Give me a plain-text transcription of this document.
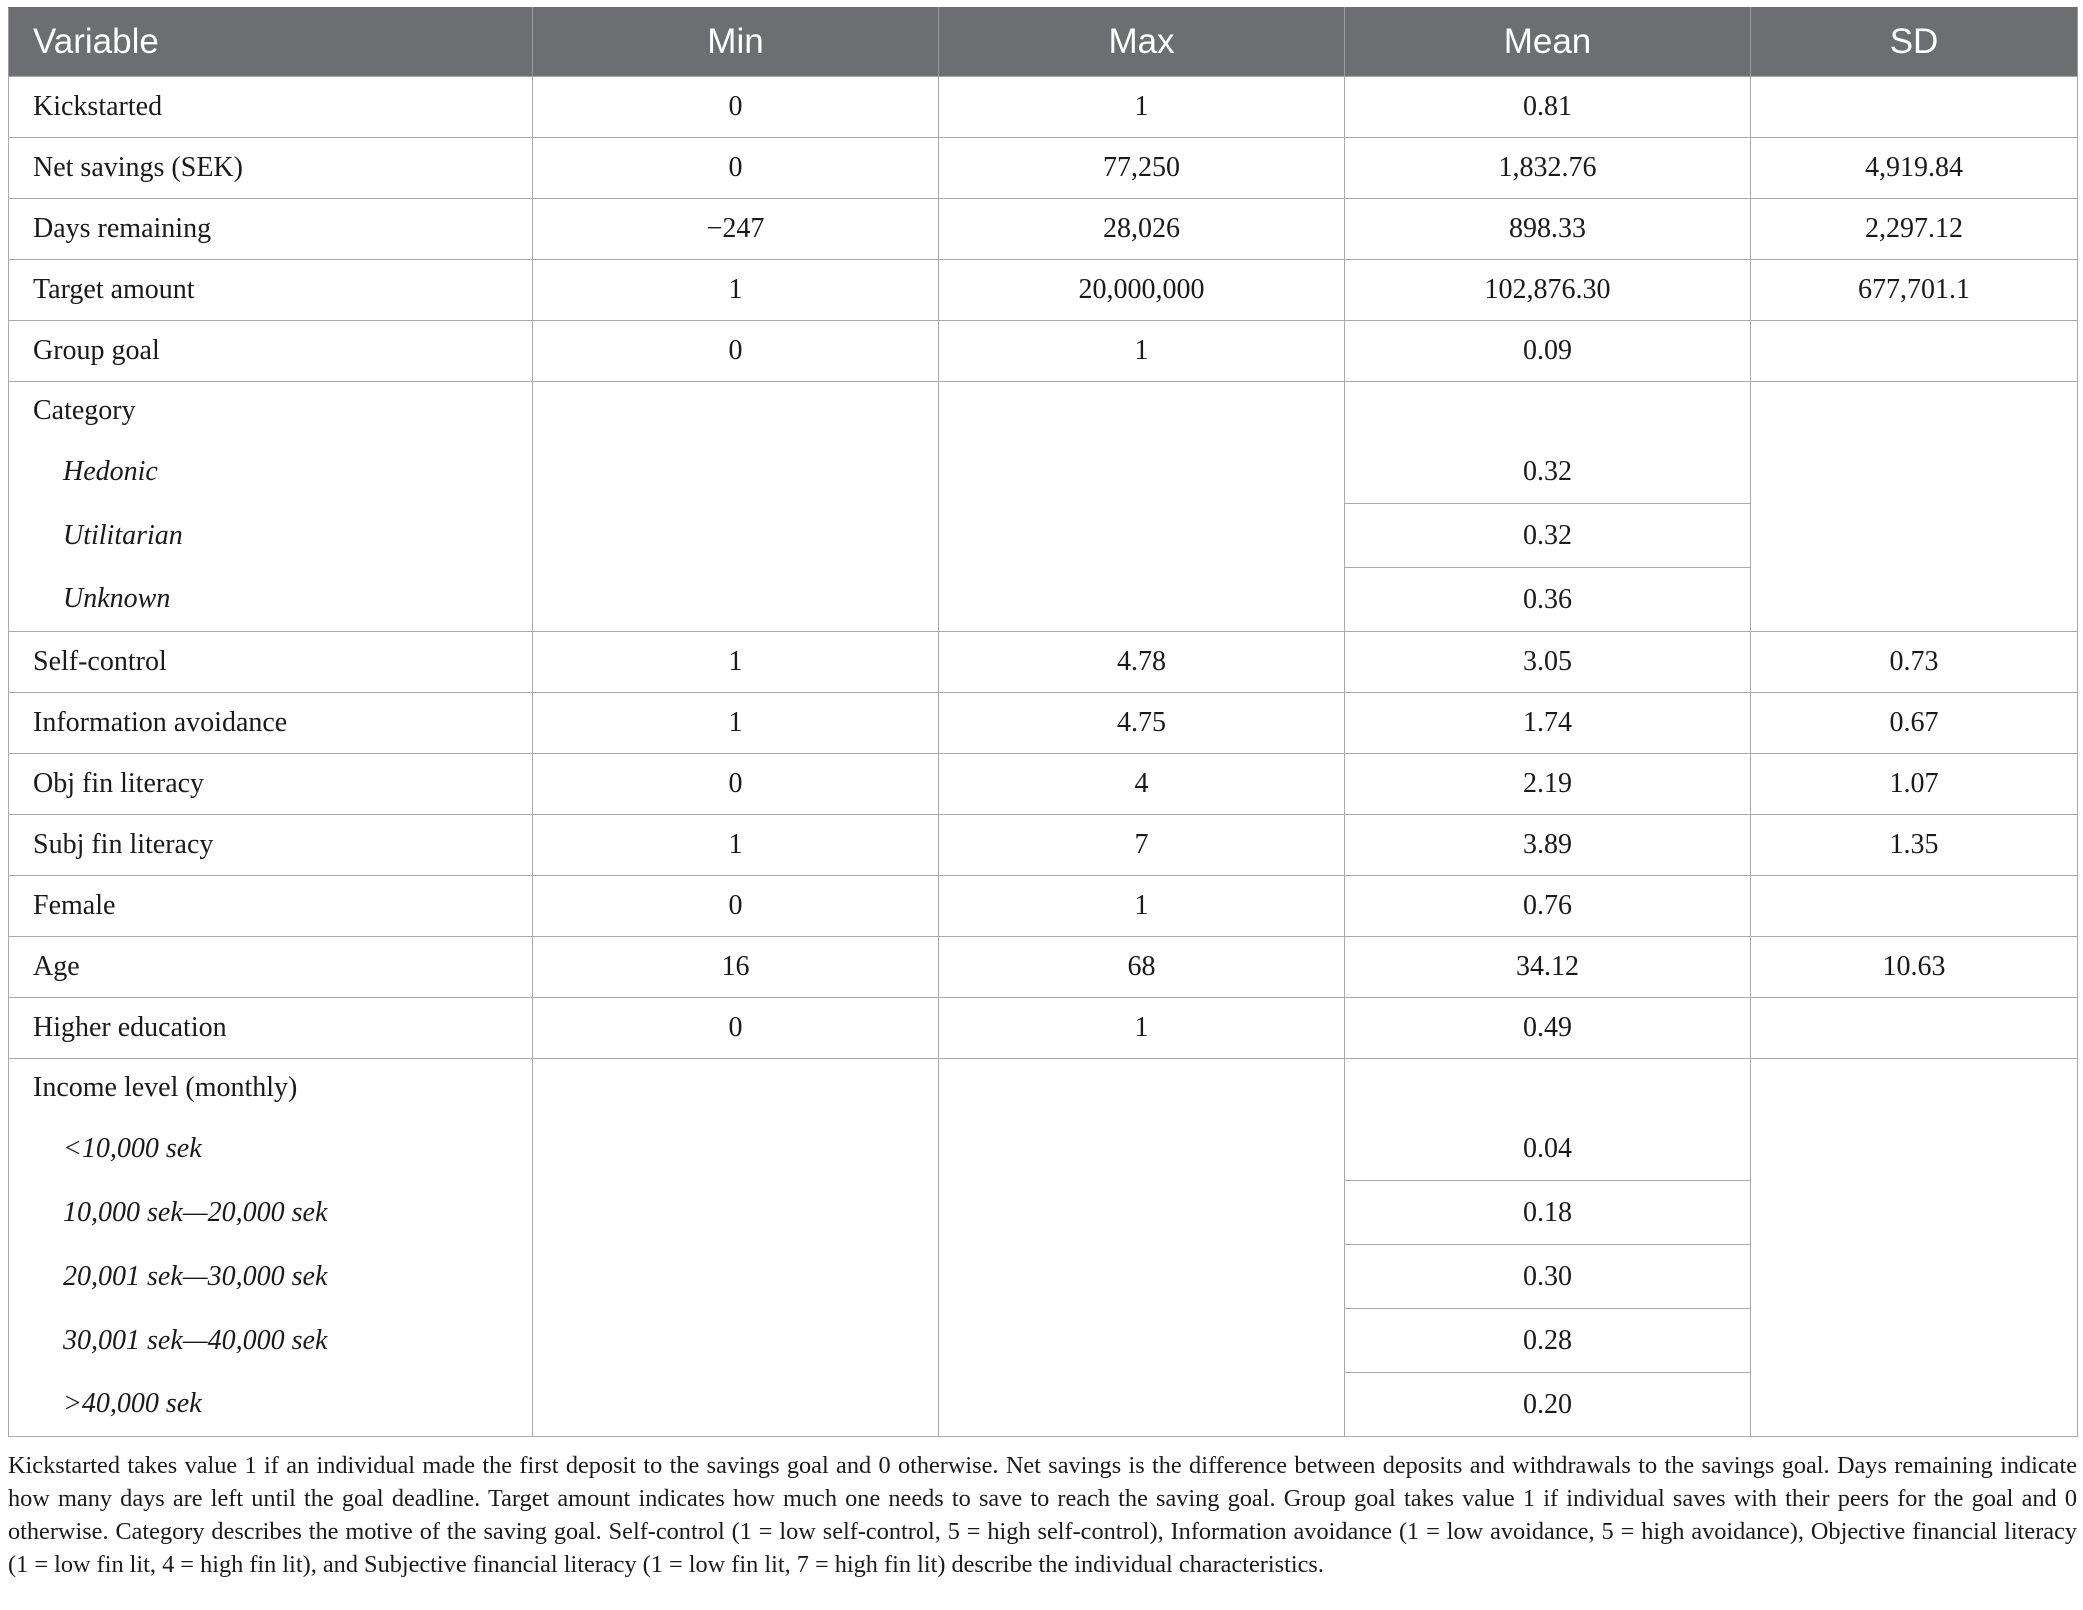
Variable	Min	Max	Mean	SD
Kickstarted	0	1	0.81	
Net savings (SEK)	0	77,250	1,832.76	4,919.84
Days remaining	−247	28,026	898.33	2,297.12
Target amount	1	20,000,000	102,876.30	677,701.1
Group goal	0	1	0.09	
Category				
Hedonic			0.32	
Utilitarian			0.32	
Unknown			0.36	
Self-control	1	4.78	3.05	0.73
Information avoidance	1	4.75	1.74	0.67
Obj fin literacy	0	4	2.19	1.07
Subj fin literacy	1	7	3.89	1.35
Female	0	1	0.76	
Age	16	68	34.12	10.63
Higher education	0	1	0.49	
Income level (monthly)				
<10,000 sek			0.04	
10,000 sek—20,000 sek			0.18	
20,001 sek—30,000 sek			0.30	
30,001 sek—40,000 sek			0.28	
>40,000 sek			0.20	
Kickstarted takes value 1 if an individual made the first deposit to the savings goal and 0 otherwise. Net savings is the difference between deposits and withdrawals to the savings goal. Days remaining indicate how many days are left until the goal deadline. Target amount indicates how much one needs to save to reach the saving goal. Group goal takes value 1 if individual saves with their peers for the goal and 0 otherwise. Category describes the motive of the saving goal. Self-control (1 = low self-control, 5 = high self-control), Information avoidance (1 = low avoidance, 5 = high avoidance), Objective financial literacy (1 = low fin lit, 4 = high fin lit), and Subjective financial literacy (1 = low fin lit, 7 = high fin lit) describe the individual characteristics.
